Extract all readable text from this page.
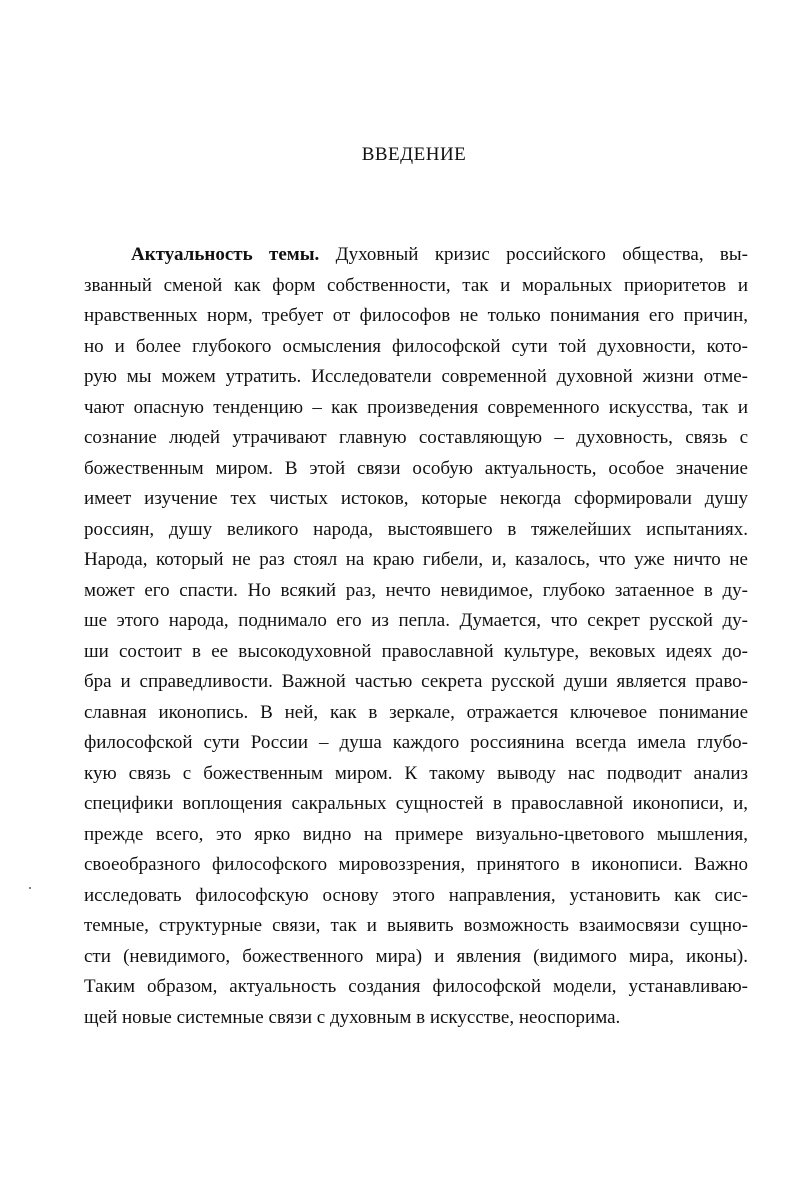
ВВЕДЕНИЕ
Актуальность темы. Духовный кризис российского общества, вы-
званный сменой как форм собственности, так и моральных приоритетов и
нравственных норм, требует от философов не только понимания его причин,
но и более глубокого осмысления философской сути той духовности, кото-
рую мы можем утратить. Исследователи современной духовной жизни отме-
чают опасную тенденцию – как произведения современного искусства, так и
сознание людей утрачивают главную составляющую – духовность, связь с
божественным миром. В этой связи особую актуальность, особое значение
имеет изучение тех чистых истоков, которые некогда сформировали душу
россиян, душу великого народа, выстоявшего в тяжелейших испытаниях.
Народа, который не раз стоял на краю гибели, и, казалось, что уже ничто не
может его спасти. Но всякий раз, нечто невидимое, глубоко затаенное в ду-
ше этого народа, поднимало его из пепла. Думается, что секрет русской ду-
ши состоит в ее высокодуховной православной культуре, вековых идеях до-
бра и справедливости. Важной частью секрета русской души является право-
славная иконопись. В ней, как в зеркале, отражается ключевое понимание
философской сути России – душа каждого россиянина всегда имела глубо-
кую связь с божественным миром. К такому выводу нас подводит анализ
специфики воплощения сакральных сущностей в православной иконописи, и,
прежде всего, это ярко видно на примере визуально-цветового мышления,
своеобразного философского мировоззрения, принятого в иконописи. Важно
исследовать философскую основу этого направления, установить как сис-
темные, структурные связи, так и выявить возможность взаимосвязи сущно-
сти (невидимого, божественного мира) и явления (видимого мира, иконы).
Таким образом, актуальность создания философской модели, устанавливаю-
щей новые системные связи с духовным в искусстве, неоспорима.
